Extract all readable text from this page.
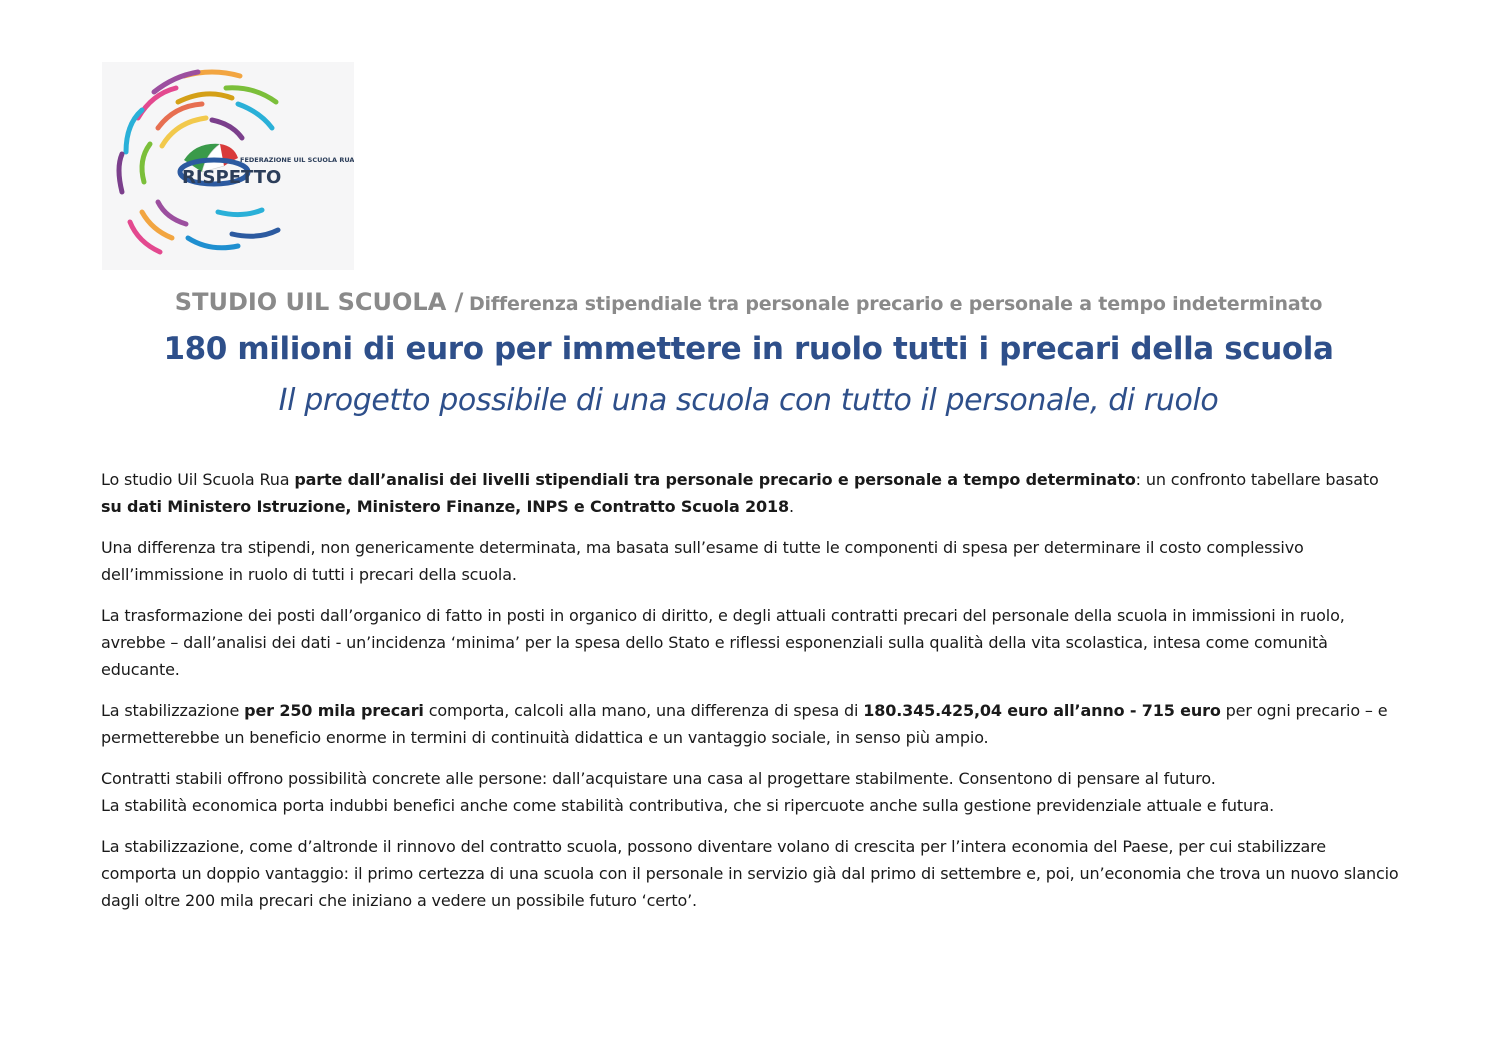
FEDERAZIONE UIL SCUOLA RUA
RISPETTO
STUDIO UIL SCUOLA / Differenza stipendiale tra personale precario e personale a tempo indeterminato
180 milioni di euro per immettere in ruolo tutti i precari della scuola
Il progetto possibile di una scuola con tutto il personale, di ruolo

Lo studio Uil Scuola Rua parte dall’analisi dei livelli stipendiali tra personale precario e personale a tempo determinato: un confronto tabellare basato su dati Ministero Istruzione, Ministero Finanze, INPS e Contratto Scuola 2018.

Una differenza tra stipendi, non genericamente determinata, ma basata sull’esame di tutte le componenti di spesa per determinare il costo complessivo dell’immissione in ruolo di tutti i precari della scuola.

La trasformazione dei posti dall’organico di fatto in posti in organico di diritto, e degli attuali contratti precari del personale della scuola in immissioni in ruolo, avrebbe – dall’analisi dei dati - un’incidenza ‘minima’ per la spesa dello Stato e riflessi esponenziali sulla qualità della vita scolastica, intesa come comunità educante.

La stabilizzazione per 250 mila precari comporta, calcoli alla mano, una differenza di spesa di 180.345.425,04 euro all’anno - 715 euro per ogni precario – e permetterebbe un beneficio enorme in termini di continuità didattica e un vantaggio sociale, in senso più ampio.

Contratti stabili offrono possibilità concrete alle persone: dall’acquistare una casa al progettare stabilmente. Consentono di pensare al futuro.
La stabilità economica porta indubbi benefici anche come stabilità contributiva, che si ripercuote anche sulla gestione previdenziale attuale e futura.

La stabilizzazione, come d’altronde il rinnovo del contratto scuola, possono diventare volano di crescita per l’intera economia del Paese, per cui stabilizzare comporta un doppio vantaggio: il primo certezza di una scuola con il personale in servizio già dal primo di settembre e, poi, un’economia che trova un nuovo slancio dagli oltre 200 mila precari che iniziano a vedere un possibile futuro ‘certo’.
